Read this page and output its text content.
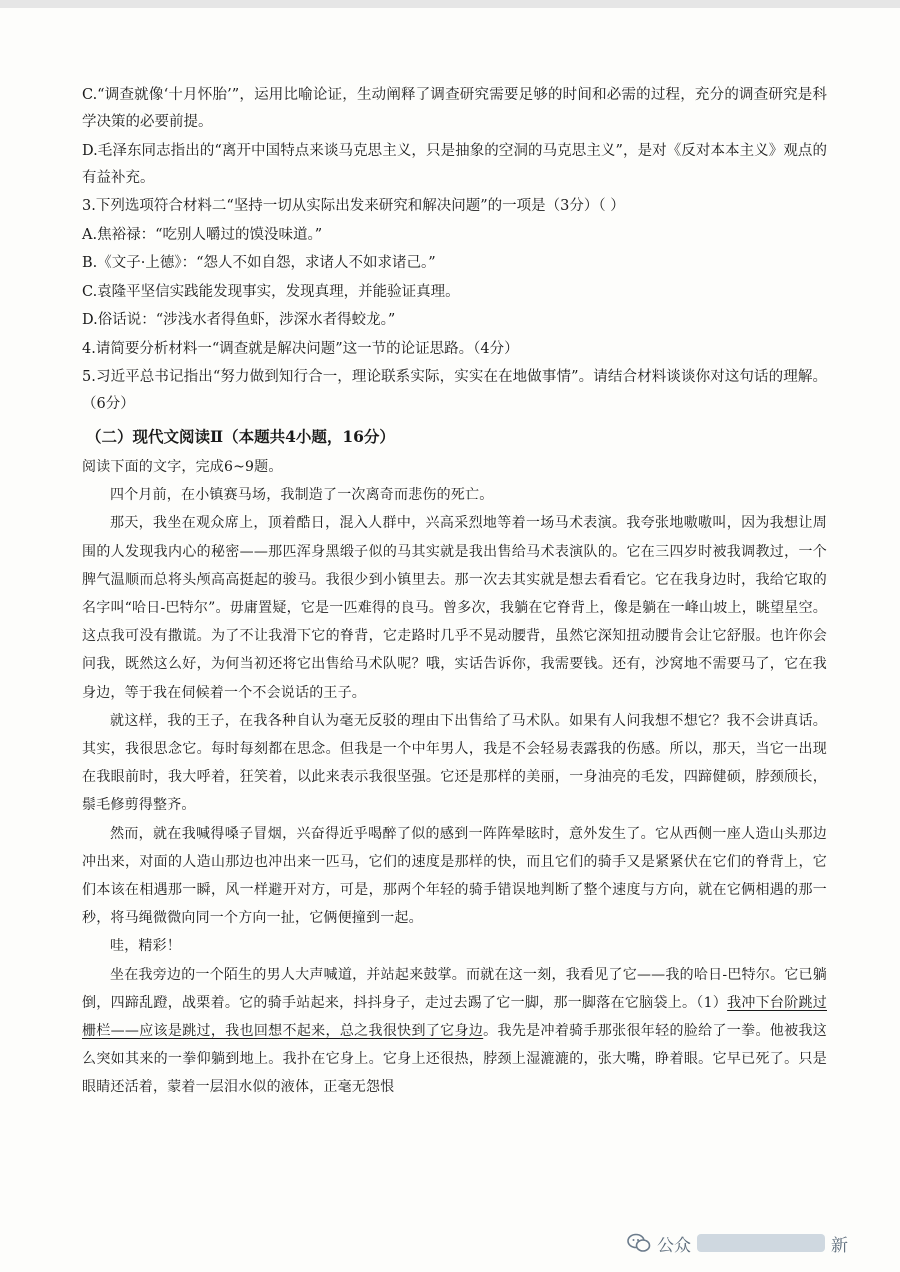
C.“调查就像‘十月怀胎’”，运用比喻论证，生动阐释了调查研究需要足够的时间和必需的过程，充分的调查研究是科学决策的必要前提。

D.毛泽东同志指出的“离开中国特点来谈马克思主义，只是抽象的空洞的马克思主义”，是对《反对本本主义》观点的有益补充。

3.下列选项符合材料二“坚持一切从实际出发来研究和解决问题”的一项是（3分）（ ）

A.焦裕禄：“吃别人嚼过的馍没味道。”

B.《文子·上德》：“怨人不如自怨，求诸人不如求诸己。”

C.袁隆平坚信实践能发现事实，发现真理，并能验证真理。

D.俗话说：“涉浅水者得鱼虾，涉深水者得蛟龙。”

4.请简要分析材料一“调查就是解决问题”这一节的论证思路。（4分）

5.习近平总书记指出“努力做到知行合一，理论联系实际，实实在在地做事情”。请结合材料谈谈你对这句话的理解。（6分）

（二）现代文阅读Ⅱ（本题共4小题，16分）

阅读下面的文字，完成6~9题。

四个月前，在小镇赛马场，我制造了一次离奇而悲伤的死亡。

那天，我坐在观众席上，顶着酷日，混入人群中，兴高采烈地等着一场马术表演。我夸张地嗷嗷叫，因为我想让周围的人发现我内心的秘密——那匹浑身黑缎子似的马其实就是我出售给马术表演队的。它在三四岁时被我调教过，一个脾气温顺而总将头颅高高挺起的骏马。我很少到小镇里去。那一次去其实就是想去看看它。它在我身边时，我给它取的名字叫“哈日-巴特尔”。毋庸置疑，它是一匹难得的良马。曾多次，我躺在它脊背上，像是躺在一峰山坡上，眺望星空。这点我可没有撒谎。为了不让我滑下它的脊背，它走路时几乎不晃动腰背，虽然它深知扭动腰肯会让它舒服。也许你会问我，既然这么好，为何当初还将它出售给马术队呢？哦，实话告诉你，我需要钱。还有，沙窝地不需要马了，它在我身边，等于我在伺候着一个不会说话的王子。

就这样，我的王子，在我各种自认为毫无反驳的理由下出售给了马术队。如果有人问我想不想它？我不会讲真话。其实，我很思念它。每时每刻都在思念。但我是一个中年男人，我是不会轻易表露我的伤感。所以，那天，当它一出现在我眼前时，我大呼着，狂笑着，以此来表示我很坚强。它还是那样的美丽，一身油亮的毛发，四蹄健硕，脖颈颀长，鬃毛修剪得整齐。

然而，就在我喊得嗓子冒烟，兴奋得近乎喝醉了似的感到一阵阵晕眩时，意外发生了。它从西侧一座人造山头那边冲出来，对面的人造山那边也冲出来一匹马，它们的速度是那样的快，而且它们的骑手又是紧紧伏在它们的脊背上，它们本该在相遇那一瞬，风一样避开对方，可是，那两个年轻的骑手错误地判断了整个速度与方向，就在它俩相遇的那一秒，将马绳微微向同一个方向一扯，它俩便撞到一起。

哇，精彩！

坐在我旁边的一个陌生的男人大声喊道，并站起来鼓掌。而就在这一刻，我看见了它——我的哈日-巴特尔。它已躺倒，四蹄乱蹬，战栗着。它的骑手站起来，抖抖身子，走过去踢了它一脚，那一脚落在它脑袋上。（1）我冲下台阶跳过栅栏——应该是跳过，我也回想不起来，总之我很快到了它身边。我先是冲着骑手那张很年轻的脸给了一拳。他被我这么突如其来的一拳仰躺到地上。我扑在它身上。它身上还很热，脖颈上湿漉漉的，张大嘴，睁着眼。它早已死了。只是眼睛还活着，蒙着一层泪水似的液体，正毫无怨恨

公众	新
